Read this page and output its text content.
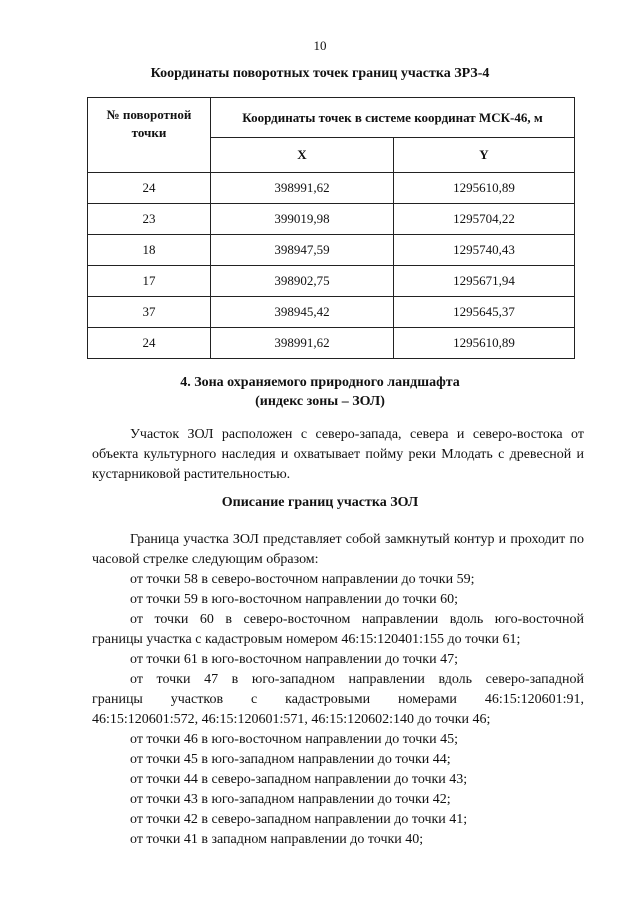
10
Координаты поворотных точек границ участка ЗРЗ-4
№ поворотной точки	Координаты точек в системе координат МСК-46, м	
	X	Y
24	398991,62	1295610,89
23	399019,98	1295704,22
18	398947,59	1295740,43
17	398902,75	1295671,94
37	398945,42	1295645,37
24	398991,62	1295610,89
4. Зона охраняемого природного ландшафта
(индекс зоны – ЗОЛ)

Участок ЗОЛ расположен с северо-запада, севера и северо-востока от объекта культурного наследия и охватывает пойму реки Млодать с древесной и кустарниковой растительностью.

Описание границ участка ЗОЛ

Граница участка ЗОЛ представляет собой замкнутый контур и проходит по часовой стрелке следующим образом:

от точки 58 в северо-восточном направлении до точки 59;

от точки 59 в юго-восточном направлении до точки 60;

от точки 60 в северо-восточном направлении вдоль юго-восточной

границы участка с кадастровым номером 46:15:120401:155 до точки 61;

от точки 61 в юго-восточном направлении до точки 47;

от точки 47 в юго-западном направлении вдоль северо-западной

границы участков с кадастровыми номерами 46:15:120601:91,

46:15:120601:572, 46:15:120601:571, 46:15:120602:140 до точки 46;

от точки 46 в юго-восточном направлении до точки 45;

от точки 45 в юго-западном направлении до точки 44;

от точки 44 в северо-западном направлении до точки 43;

от точки 43 в юго-западном направлении до точки 42;

от точки 42 в северо-западном направлении до точки 41;

от точки 41 в западном направлении до точки 40;
